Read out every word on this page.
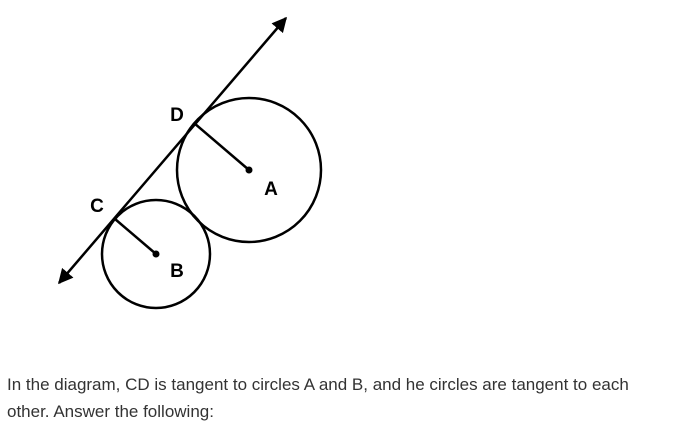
D
C
A
B

In the diagram, CD is tangent to circles A and B, and he circles are tangent to each
other. Answer the following:
